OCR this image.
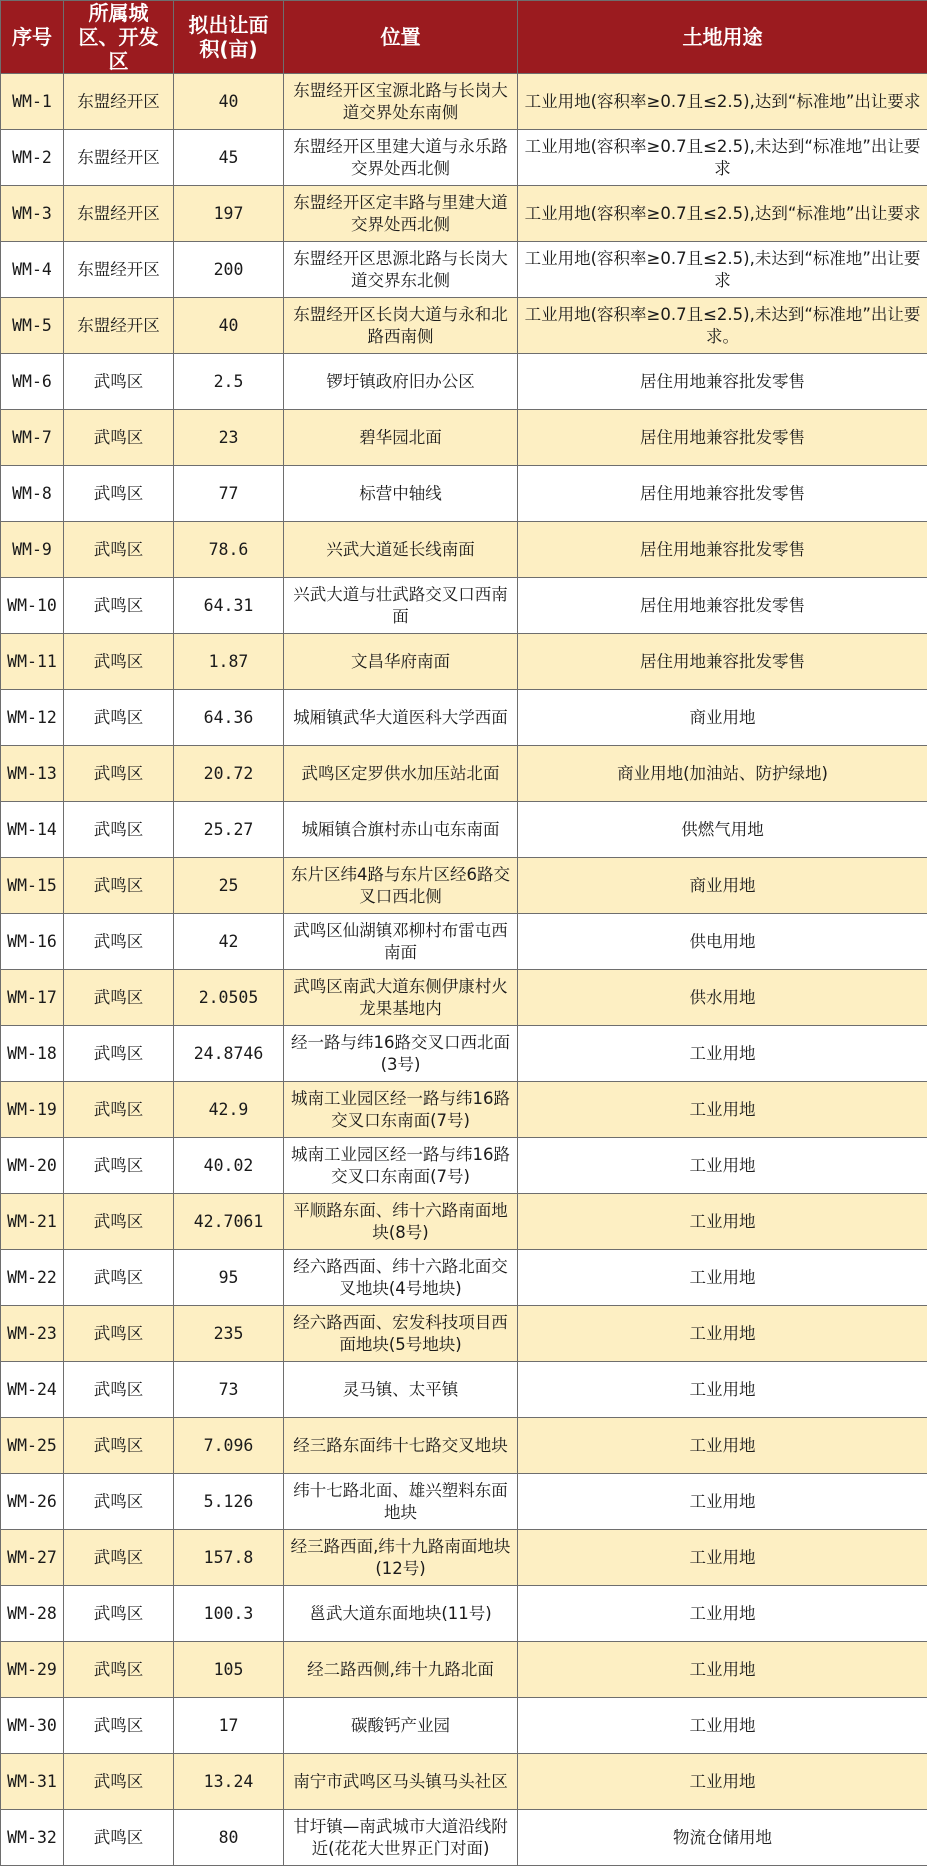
序号	所属城区、开发区	拟出让面积(亩)	位置	土地用途
WM-1	东盟经开区	40	东盟经开区宝源北路与长岗大道交界处东南侧	工业用地(容积率≥0.7且≤2.5),达到“标准地”出让要求
WM-2	东盟经开区	45	东盟经开区里建大道与永乐路交界处西北侧	工业用地(容积率≥0.7且≤2.5),未达到“标准地”出让要求
WM-3	东盟经开区	197	东盟经开区定丰路与里建大道交界处西北侧	工业用地(容积率≥0.7且≤2.5),达到“标准地”出让要求
WM-4	东盟经开区	200	东盟经开区思源北路与长岗大道交界东北侧	工业用地(容积率≥0.7且≤2.5),未达到“标准地”出让要求
WM-5	东盟经开区	40	东盟经开区长岗大道与永和北路西南侧	工业用地(容积率≥0.7且≤2.5),未达到“标准地”出让要求。
WM-6	武鸣区	2.5	锣圩镇政府旧办公区	居住用地兼容批发零售
WM-7	武鸣区	23	碧华园北面	居住用地兼容批发零售
WM-8	武鸣区	77	标营中轴线	居住用地兼容批发零售
WM-9	武鸣区	78.6	兴武大道延长线南面	居住用地兼容批发零售
WM-10	武鸣区	64.31	兴武大道与壮武路交叉口西南面	居住用地兼容批发零售
WM-11	武鸣区	1.87	文昌华府南面	居住用地兼容批发零售
WM-12	武鸣区	64.36	城厢镇武华大道医科大学西面	商业用地
WM-13	武鸣区	20.72	武鸣区定罗供水加压站北面	商业用地(加油站、防护绿地)
WM-14	武鸣区	25.27	城厢镇合旗村赤山屯东南面	供燃气用地
WM-15	武鸣区	25	东片区纬4路与东片区经6路交叉口西北侧	商业用地
WM-16	武鸣区	42	武鸣区仙湖镇邓柳村布雷屯西南面	供电用地
WM-17	武鸣区	2.0505	武鸣区南武大道东侧伊康村火龙果基地内	供水用地
WM-18	武鸣区	24.8746	经一路与纬16路交叉口西北面(3号)	工业用地
WM-19	武鸣区	42.9	城南工业园区经一路与纬16路交叉口东南面(7号)	工业用地
WM-20	武鸣区	40.02	城南工业园区经一路与纬16路交叉口东南面(7号)	工业用地
WM-21	武鸣区	42.7061	平顺路东面、纬十六路南面地块(8号)	工业用地
WM-22	武鸣区	95	经六路西面、纬十六路北面交叉地块(4号地块)	工业用地
WM-23	武鸣区	235	经六路西面、宏发科技项目西面地块(5号地块)	工业用地
WM-24	武鸣区	73	灵马镇、太平镇	工业用地
WM-25	武鸣区	7.096	经三路东面纬十七路交叉地块	工业用地
WM-26	武鸣区	5.126	纬十七路北面、雄兴塑料东面地块	工业用地
WM-27	武鸣区	157.8	经三路西面,纬十九路南面地块(12号)	工业用地
WM-28	武鸣区	100.3	邕武大道东面地块(11号)	工业用地
WM-29	武鸣区	105	经二路西侧,纬十九路北面	工业用地
WM-30	武鸣区	17	碳酸钙产业园	工业用地
WM-31	武鸣区	13.24	南宁市武鸣区马头镇马头社区	工业用地
WM-32	武鸣区	80	甘圩镇—南武城市大道沿线附近(花花大世界正门对面)	物流仓储用地
